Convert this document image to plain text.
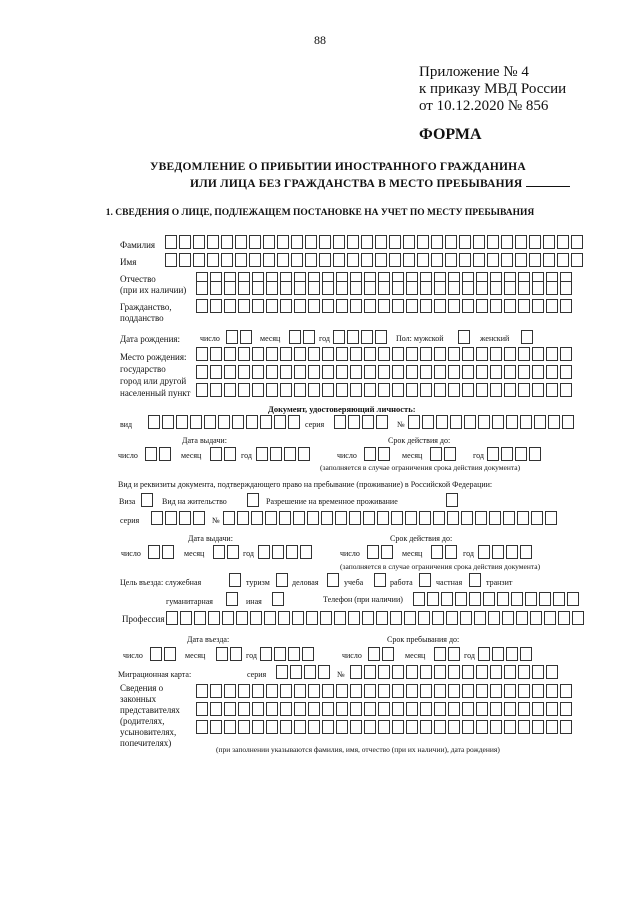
88
Приложение № 4
к приказу МВД России
от 10.12.2020 № 856
ФОРМА
УВЕДОМЛЕНИЕ О ПРИБЫТИИ ИНОСТРАННОГО ГРАЖДАНИНА
ИЛИ ЛИЦА БЕЗ ГРАЖДАНСТВА В МЕСТО ПРЕБЫВАНИЯ
1. СВЕДЕНИЯ О ЛИЦЕ, ПОДЛЕЖАЩЕМ ПОСТАНОВКЕ НА УЧЕТ ПО МЕСТУ ПРЕБЫВАНИЯ
Фамилия
Имя
Отчество
(при их наличии)
Гражданство,
подданство
Дата рождения: число	месяц	год	Пол: мужской	женский
Место рождения:
государство
город или другой
населенный пункт
Документ, удостоверяющий личность:
вид	серия	№
Дата выдачи:	Срок действия до:
число	месяц	год	число	месяц	год
(заполняется в случае ограничения срока действия документа)
Вид и реквизиты документа, подтверждающего право на пребывание (проживание) в Российской Федерации:
Виза	Вид на жительство	Разрешение на временное проживание
серия	№
Дата выдачи:	Срок действия до:
число	месяц	год	число	месяц	год
(заполняется в случае ограничения срока действия документа)
Цель въезда: служебная	туризм	деловая	учеба	работа	частная	транзит
гуманитарная	иная	Телефон (при наличии)
Профессия
Дата въезда:	Срок пребывания до:
число	месяц	год	число	месяц	год
Миграционная карта:	серия	№
Сведения о
законных
представителях
(родителях,
усыновителях,
попечителях)
(при заполнении указываются фамилия, имя, отчество (при их наличии), дата рождения)
